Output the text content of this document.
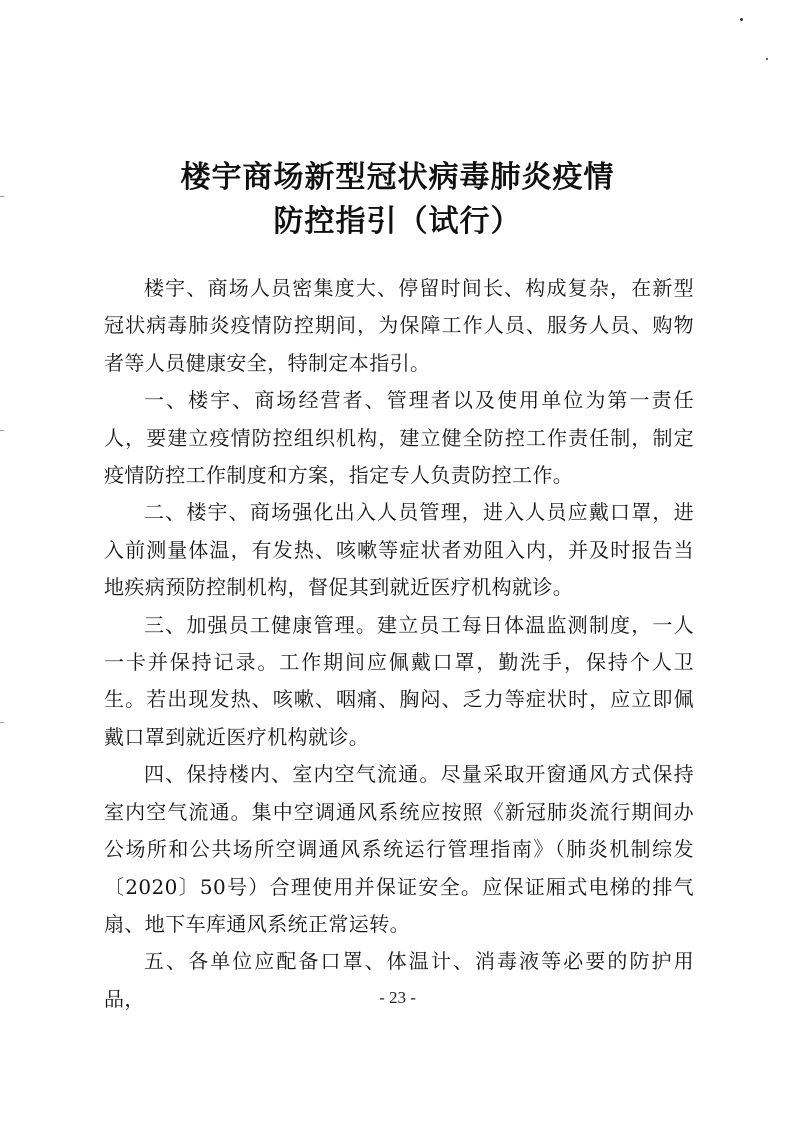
楼宇商场新型冠状病毒肺炎疫情
防控指引（试行）

楼宇、商场人员密集度大、停留时间长、构成复杂，在新型冠状病毒肺炎疫情防控期间，为保障工作人员、服务人员、购物者等人员健康安全，特制定本指引。

一、楼宇、商场经营者、管理者以及使用单位为第一责任人，要建立疫情防控组织机构，建立健全防控工作责任制，制定疫情防控工作制度和方案，指定专人负责防控工作。

二、楼宇、商场强化出入人员管理，进入人员应戴口罩，进入前测量体温，有发热、咳嗽等症状者劝阻入内，并及时报告当地疾病预防控制机构，督促其到就近医疗机构就诊。

三、加强员工健康管理。建立员工每日体温监测制度，一人一卡并保持记录。工作期间应佩戴口罩，勤洗手，保持个人卫生。若出现发热、咳嗽、咽痛、胸闷、乏力等症状时，应立即佩戴口罩到就近医疗机构就诊。

四、保持楼内、室内空气流通。尽量采取开窗通风方式保持室内空气流通。集中空调通风系统应按照《新冠肺炎流行期间办公场所和公共场所空调通风系统运行管理指南》（肺炎机制综发〔2020〕50号）合理使用并保证安全。应保证厢式电梯的排气扇、地下车库通风系统正常运转。

五、各单位应配备口罩、体温计、消毒液等必要的防护用品，	- 23 -
